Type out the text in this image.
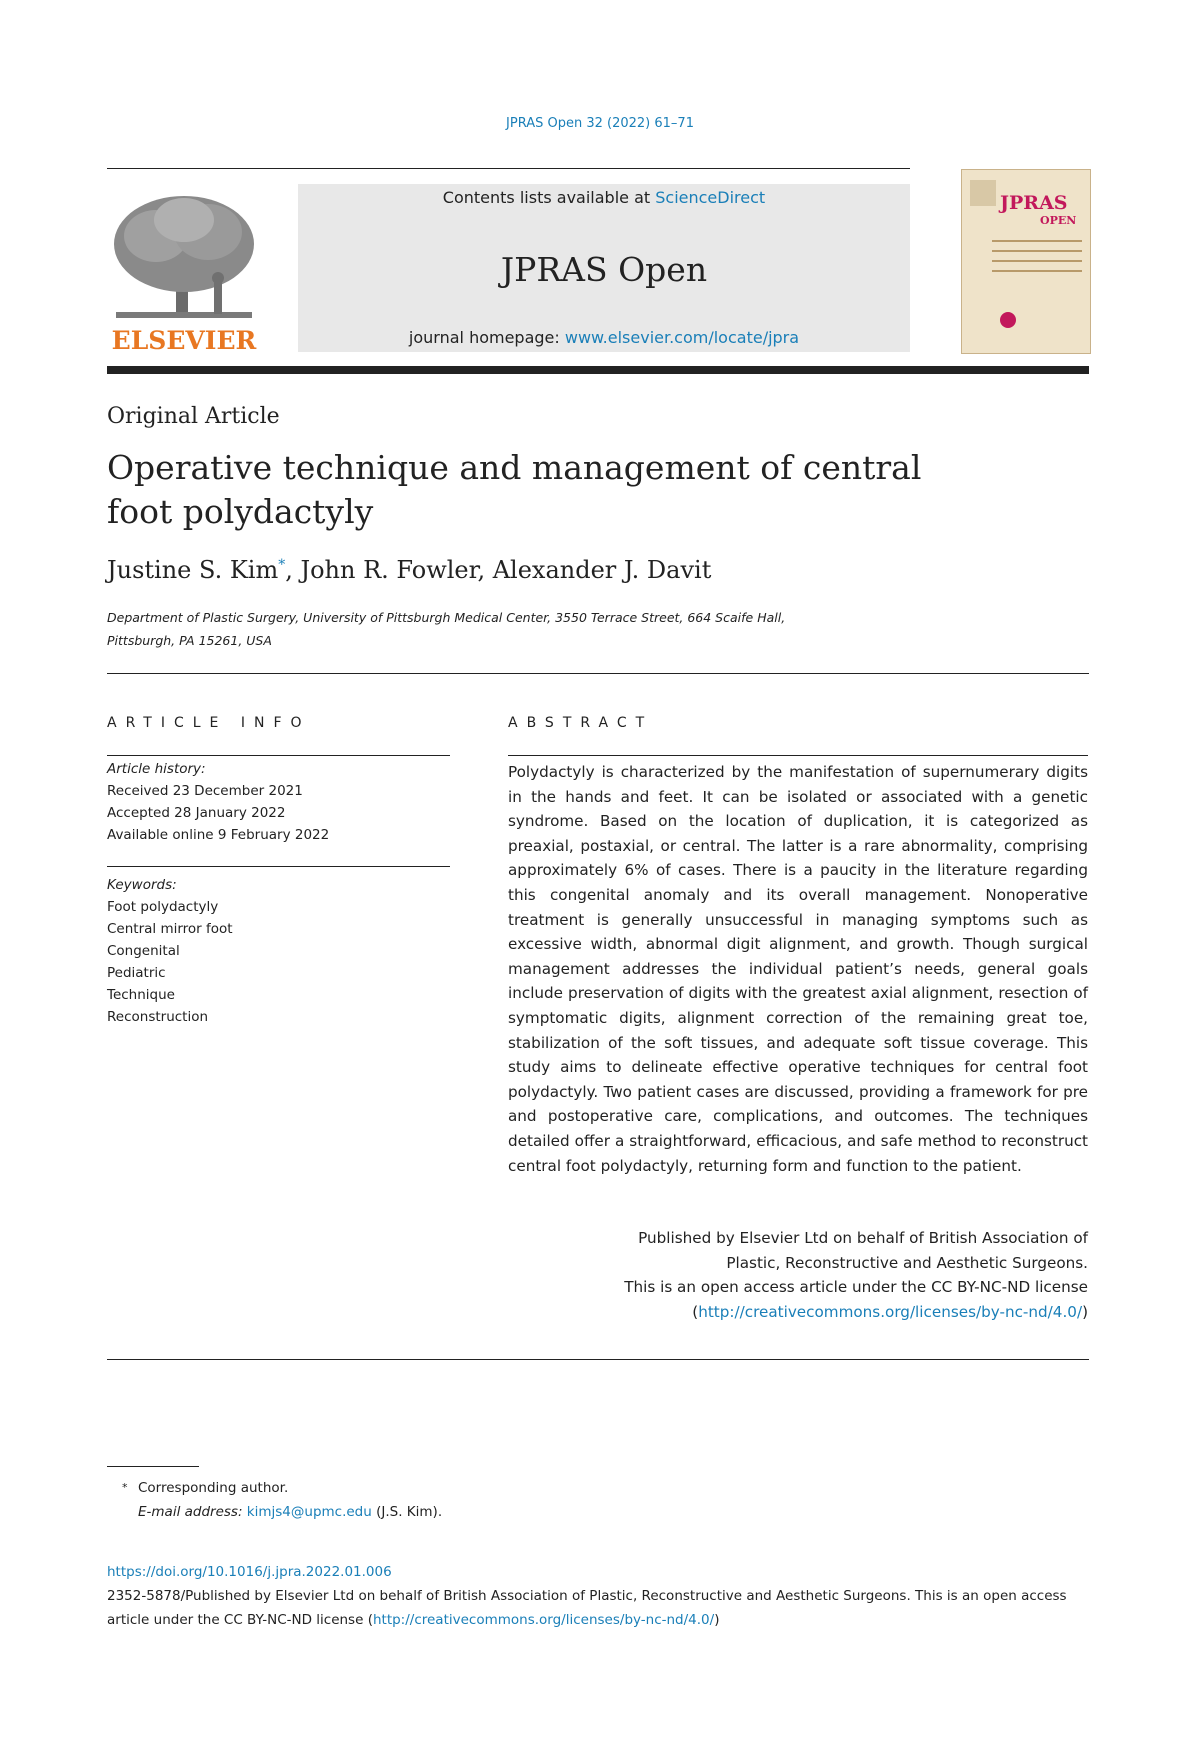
JPRAS Open 32 (2022) 61–71
ELSEVIER
Contents lists available at ScienceDirect
JPRAS Open
journal homepage: www.elsevier.com/locate/jpra
JPRAS
OPEN
Original Article
Operative technique and management of central
foot polydactyly
Justine S. Kim*, John R. Fowler, Alexander J. Davit
Department of Plastic Surgery, University of Pittsburgh Medical Center, 3550 Terrace Street, 664 Scaife Hall,
Pittsburgh, PA 15261, USA
ARTICLE INFO
Article history:
Received 23 December 2021
Accepted 28 January 2022
Available online 9 February 2022
Keywords:
Foot polydactyly
Central mirror foot
Congenital
Pediatric
Technique
Reconstruction
ABSTRACT
Polydactyly is characterized by the manifestation of supernumerary digits in the hands and feet. It can be isolated or associated with a genetic syndrome. Based on the location of duplication, it is categorized as preaxial, postaxial, or central. The latter is a rare abnormality, comprising approximately 6% of cases. There is a paucity in the literature regarding this congenital anomaly and its overall management. Nonoperative treatment is generally unsuccessful in managing symptoms such as excessive width, abnormal digit alignment, and growth. Though surgical management addresses the individual patient’s needs, general goals include preservation of digits with the greatest axial alignment, resection of symptomatic digits, alignment correction of the remaining great toe, stabilization of the soft tissues, and adequate soft tissue coverage. This study aims to delineate effective operative techniques for central foot polydactyly. Two patient cases are discussed, providing a framework for pre and postoperative care, complications, and outcomes. The techniques detailed offer a straightforward, efficacious, and safe method to reconstruct central foot polydactyly, returning form and function to the patient.
Published by Elsevier Ltd on behalf of British Association of
Plastic, Reconstructive and Aesthetic Surgeons.
This is an open access article under the CC BY-NC-ND license
(http://creativecommons.org/licenses/by-nc-nd/4.0/)
* Corresponding author.
E-mail address: kimjs4@upmc.edu (J.S. Kim).
https://doi.org/10.1016/j.jpra.2022.01.006
2352-5878/Published by Elsevier Ltd on behalf of British Association of Plastic, Reconstructive and Aesthetic Surgeons. This is an open access article under the CC BY-NC-ND license (http://creativecommons.org/licenses/by-nc-nd/4.0/)
